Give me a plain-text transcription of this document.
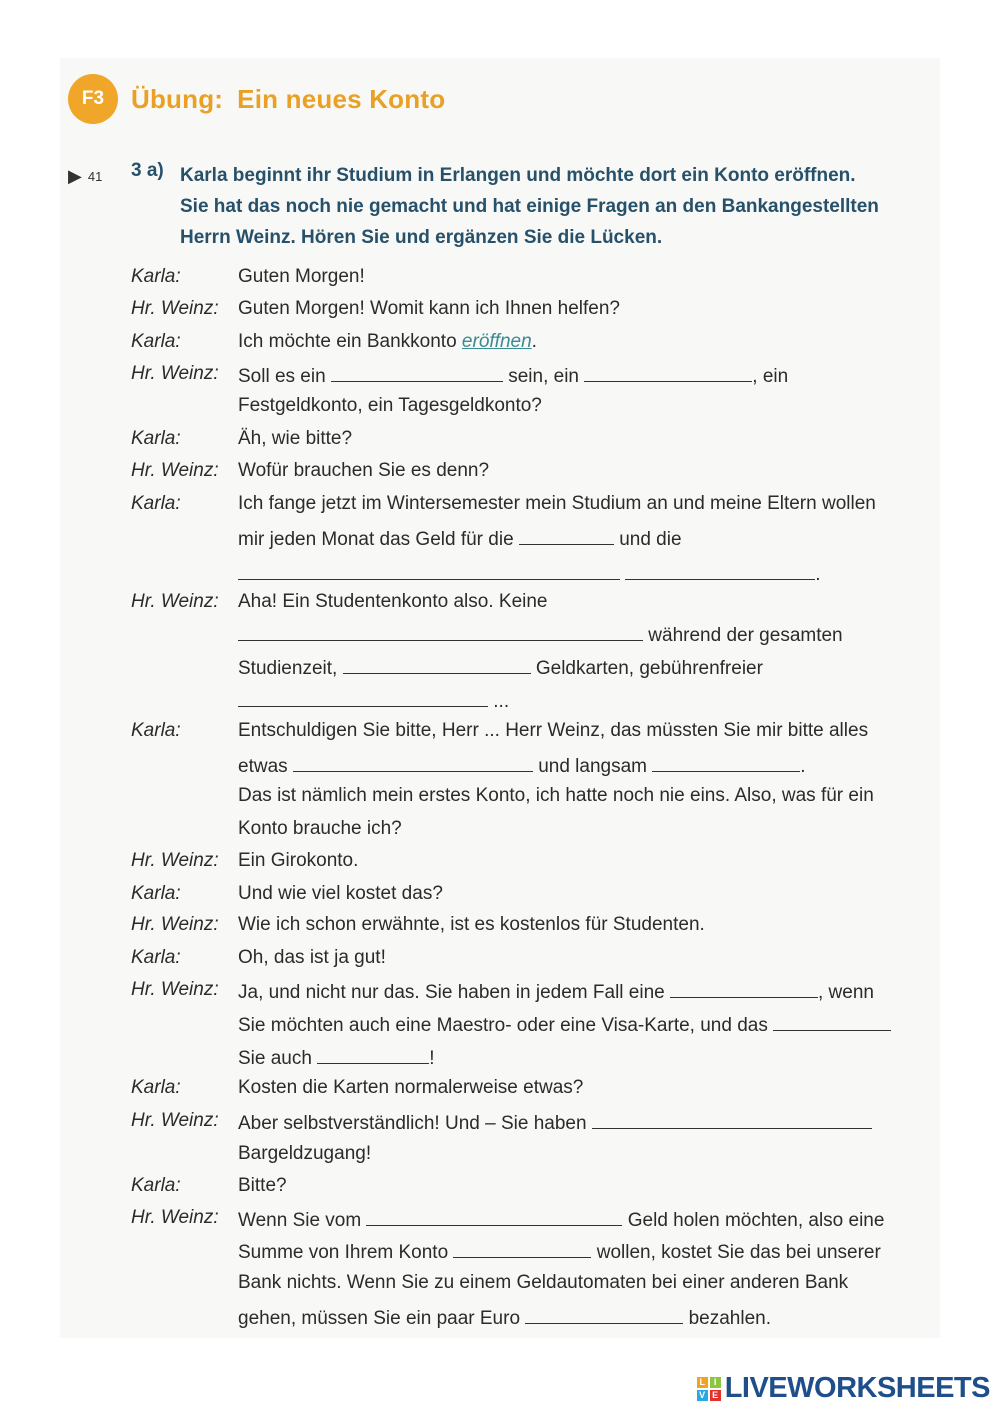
F3	Übung: Ein neues Konto
▶ 41 3 a) Karla beginnt ihr Studium in Erlangen und möchte dort ein Konto eröffnen.
Sie hat das noch nie gemacht und hat einige Fragen an den Bankangestellten
Herrn Weinz. Hören Sie und ergänzen Sie die Lücken.
Karla:	Guten Morgen!
Hr. Weinz: Guten Morgen! Womit kann ich Ihnen helfen?
Karla:	Ich möchte ein Bankkonto eröffnen.
Hr. Weinz: Soll es ein	sein, ein	, ein
Festgeldkonto, ein Tagesgeldkonto?
Karla:	Äh, wie bitte?
Hr. Weinz: Wofür brauchen Sie es denn?
Karla:	Ich fange jetzt im Wintersemester mein Studium an und meine Eltern wollen
mir jeden Monat das Geld für die	und die
.
Hr. Weinz: Aha! Ein Studentenkonto also. Keine
während der gesamten
Studienzeit,	Geldkarten, gebührenfreier
...
Karla:	Entschuldigen Sie bitte, Herr ... Herr Weinz, das müssten Sie mir bitte alles
etwas	und langsam	.
Das ist nämlich mein erstes Konto, ich hatte noch nie eins. Also, was für ein
Konto brauche ich?
Hr. Weinz: Ein Girokonto.
Karla:	Und wie viel kostet das?
Hr. Weinz: Wie ich schon erwähnte, ist es kostenlos für Studenten.
Karla:	Oh, das ist ja gut!
Hr. Weinz: Ja, und nicht nur das. Sie haben in jedem Fall eine	, wenn
Sie möchten auch eine Maestro- oder eine Visa-Karte, und das
Sie auch	!
Karla:	Kosten die Karten normalerweise etwas?
Hr. Weinz: Aber selbstverständlich! Und – Sie haben
Bargeldzugang!
Karla:	Bitte?
Hr. Weinz: Wenn Sie vom	Geld holen möchten, also eine
Summe von Ihrem Konto	wollen, kostet Sie das bei unserer
Bank nichts. Wenn Sie zu einem Geldautomaten bei einer anderen Bank
gehen, müssen Sie ein paar Euro	bezahlen.
L I
V E LIVEWORKSHEETS
